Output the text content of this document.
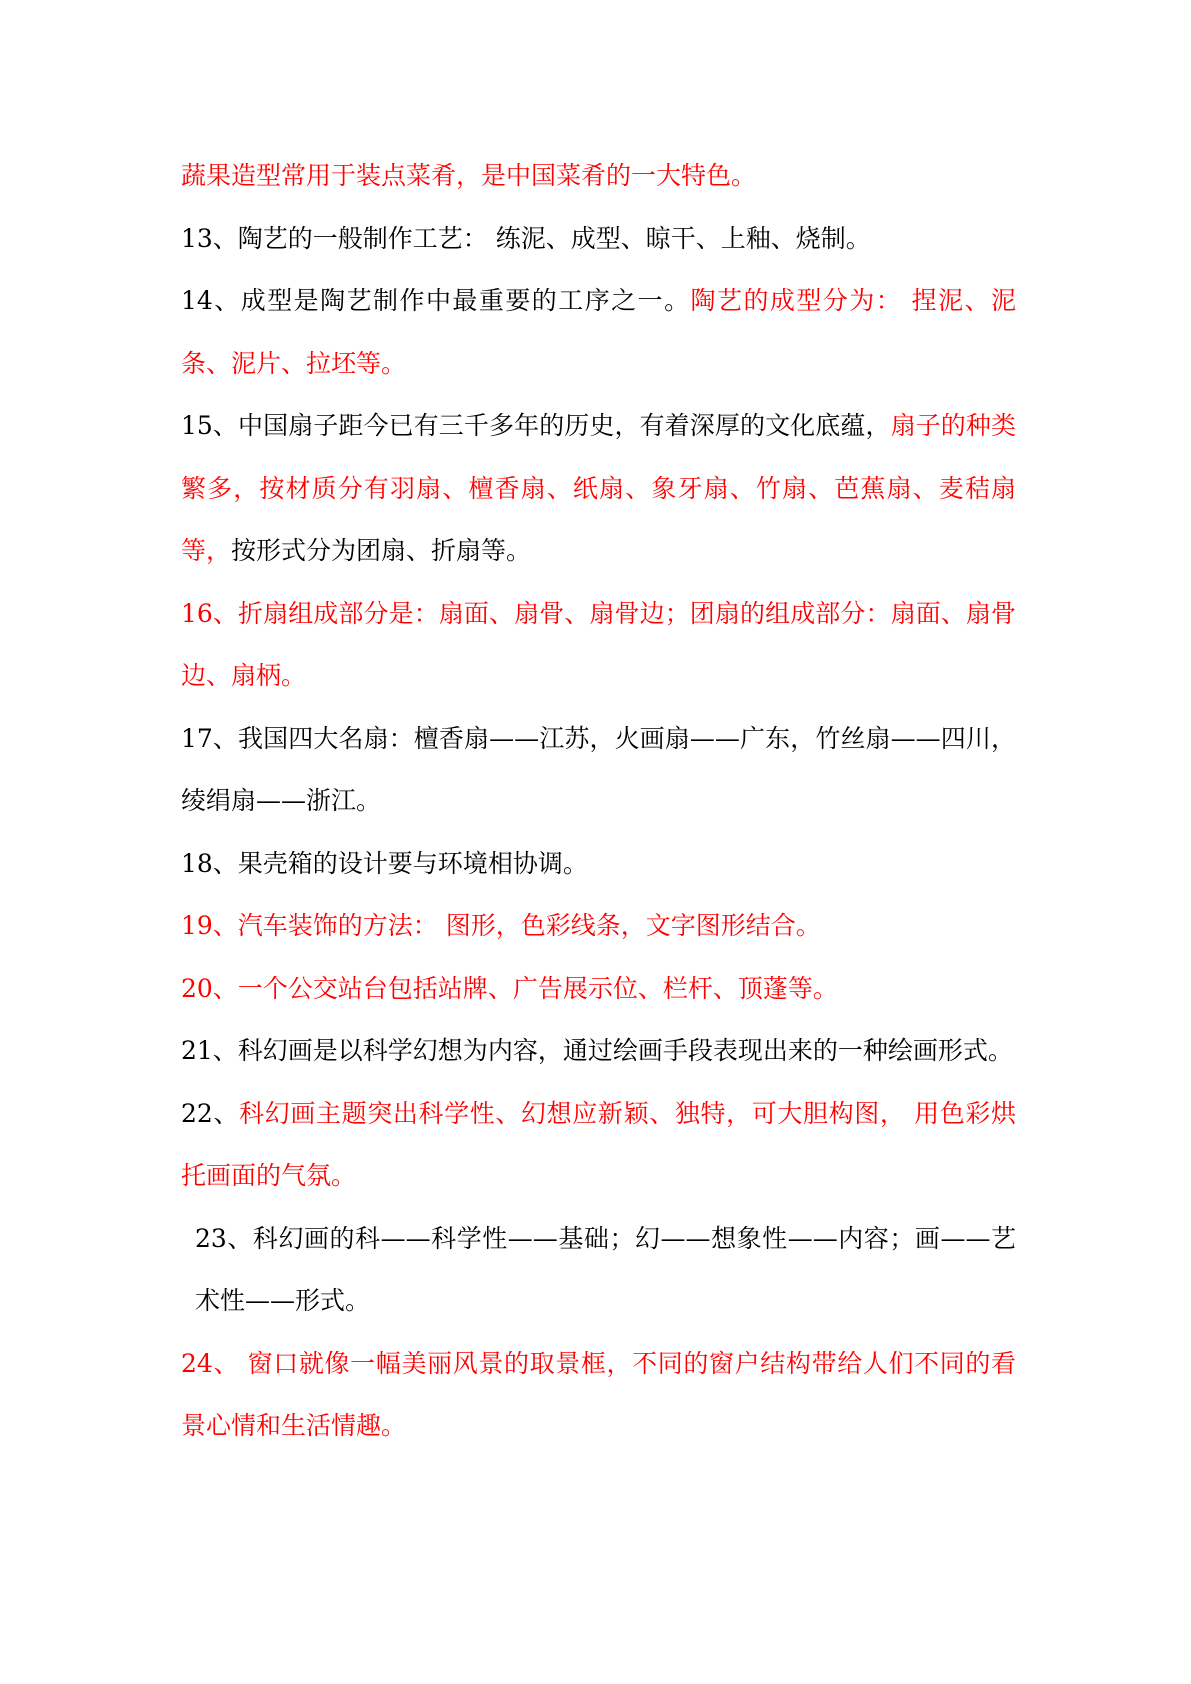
蔬果造型常用于装点菜肴，是中国菜肴的一大特色。

13、陶艺的一般制作工艺： 练泥、成型、晾干、上釉、烧制。

14、成型是陶艺制作中最重要的工序之一。陶艺的成型分为： 捏泥、泥条、泥片、拉坯等。

15、中国扇子距今已有三千多年的历史，有着深厚的文化底蕴，扇子的种类繁多，按材质分有羽扇、檀香扇、纸扇、象牙扇、竹扇、芭蕉扇、麦秸扇等，按形式分为团扇、折扇等。

16、折扇组成部分是：扇面、扇骨、扇骨边；团扇的组成部分：扇面、扇骨边、扇柄。

17、我国四大名扇：檀香扇——江苏，火画扇——广东，竹丝扇——四川，绫绢扇——浙江。

18、果壳箱的设计要与环境相协调。

19、汽车装饰的方法： 图形，色彩线条，文字图形结合。

20、一个公交站台包括站牌、广告展示位、栏杆、顶蓬等。

21、科幻画是以科学幻想为内容，通过绘画手段表现出来的一种绘画形式。

22、科幻画主题突出科学性、幻想应新颖、独特，可大胆构图， 用色彩烘托画面的气氛。

23、科幻画的科——科学性——基础；幻——想象性——内容；画——艺术性——形式。

24、 窗口就像一幅美丽风景的取景框，不同的窗户结构带给人们不同的看景心情和生活情趣。
